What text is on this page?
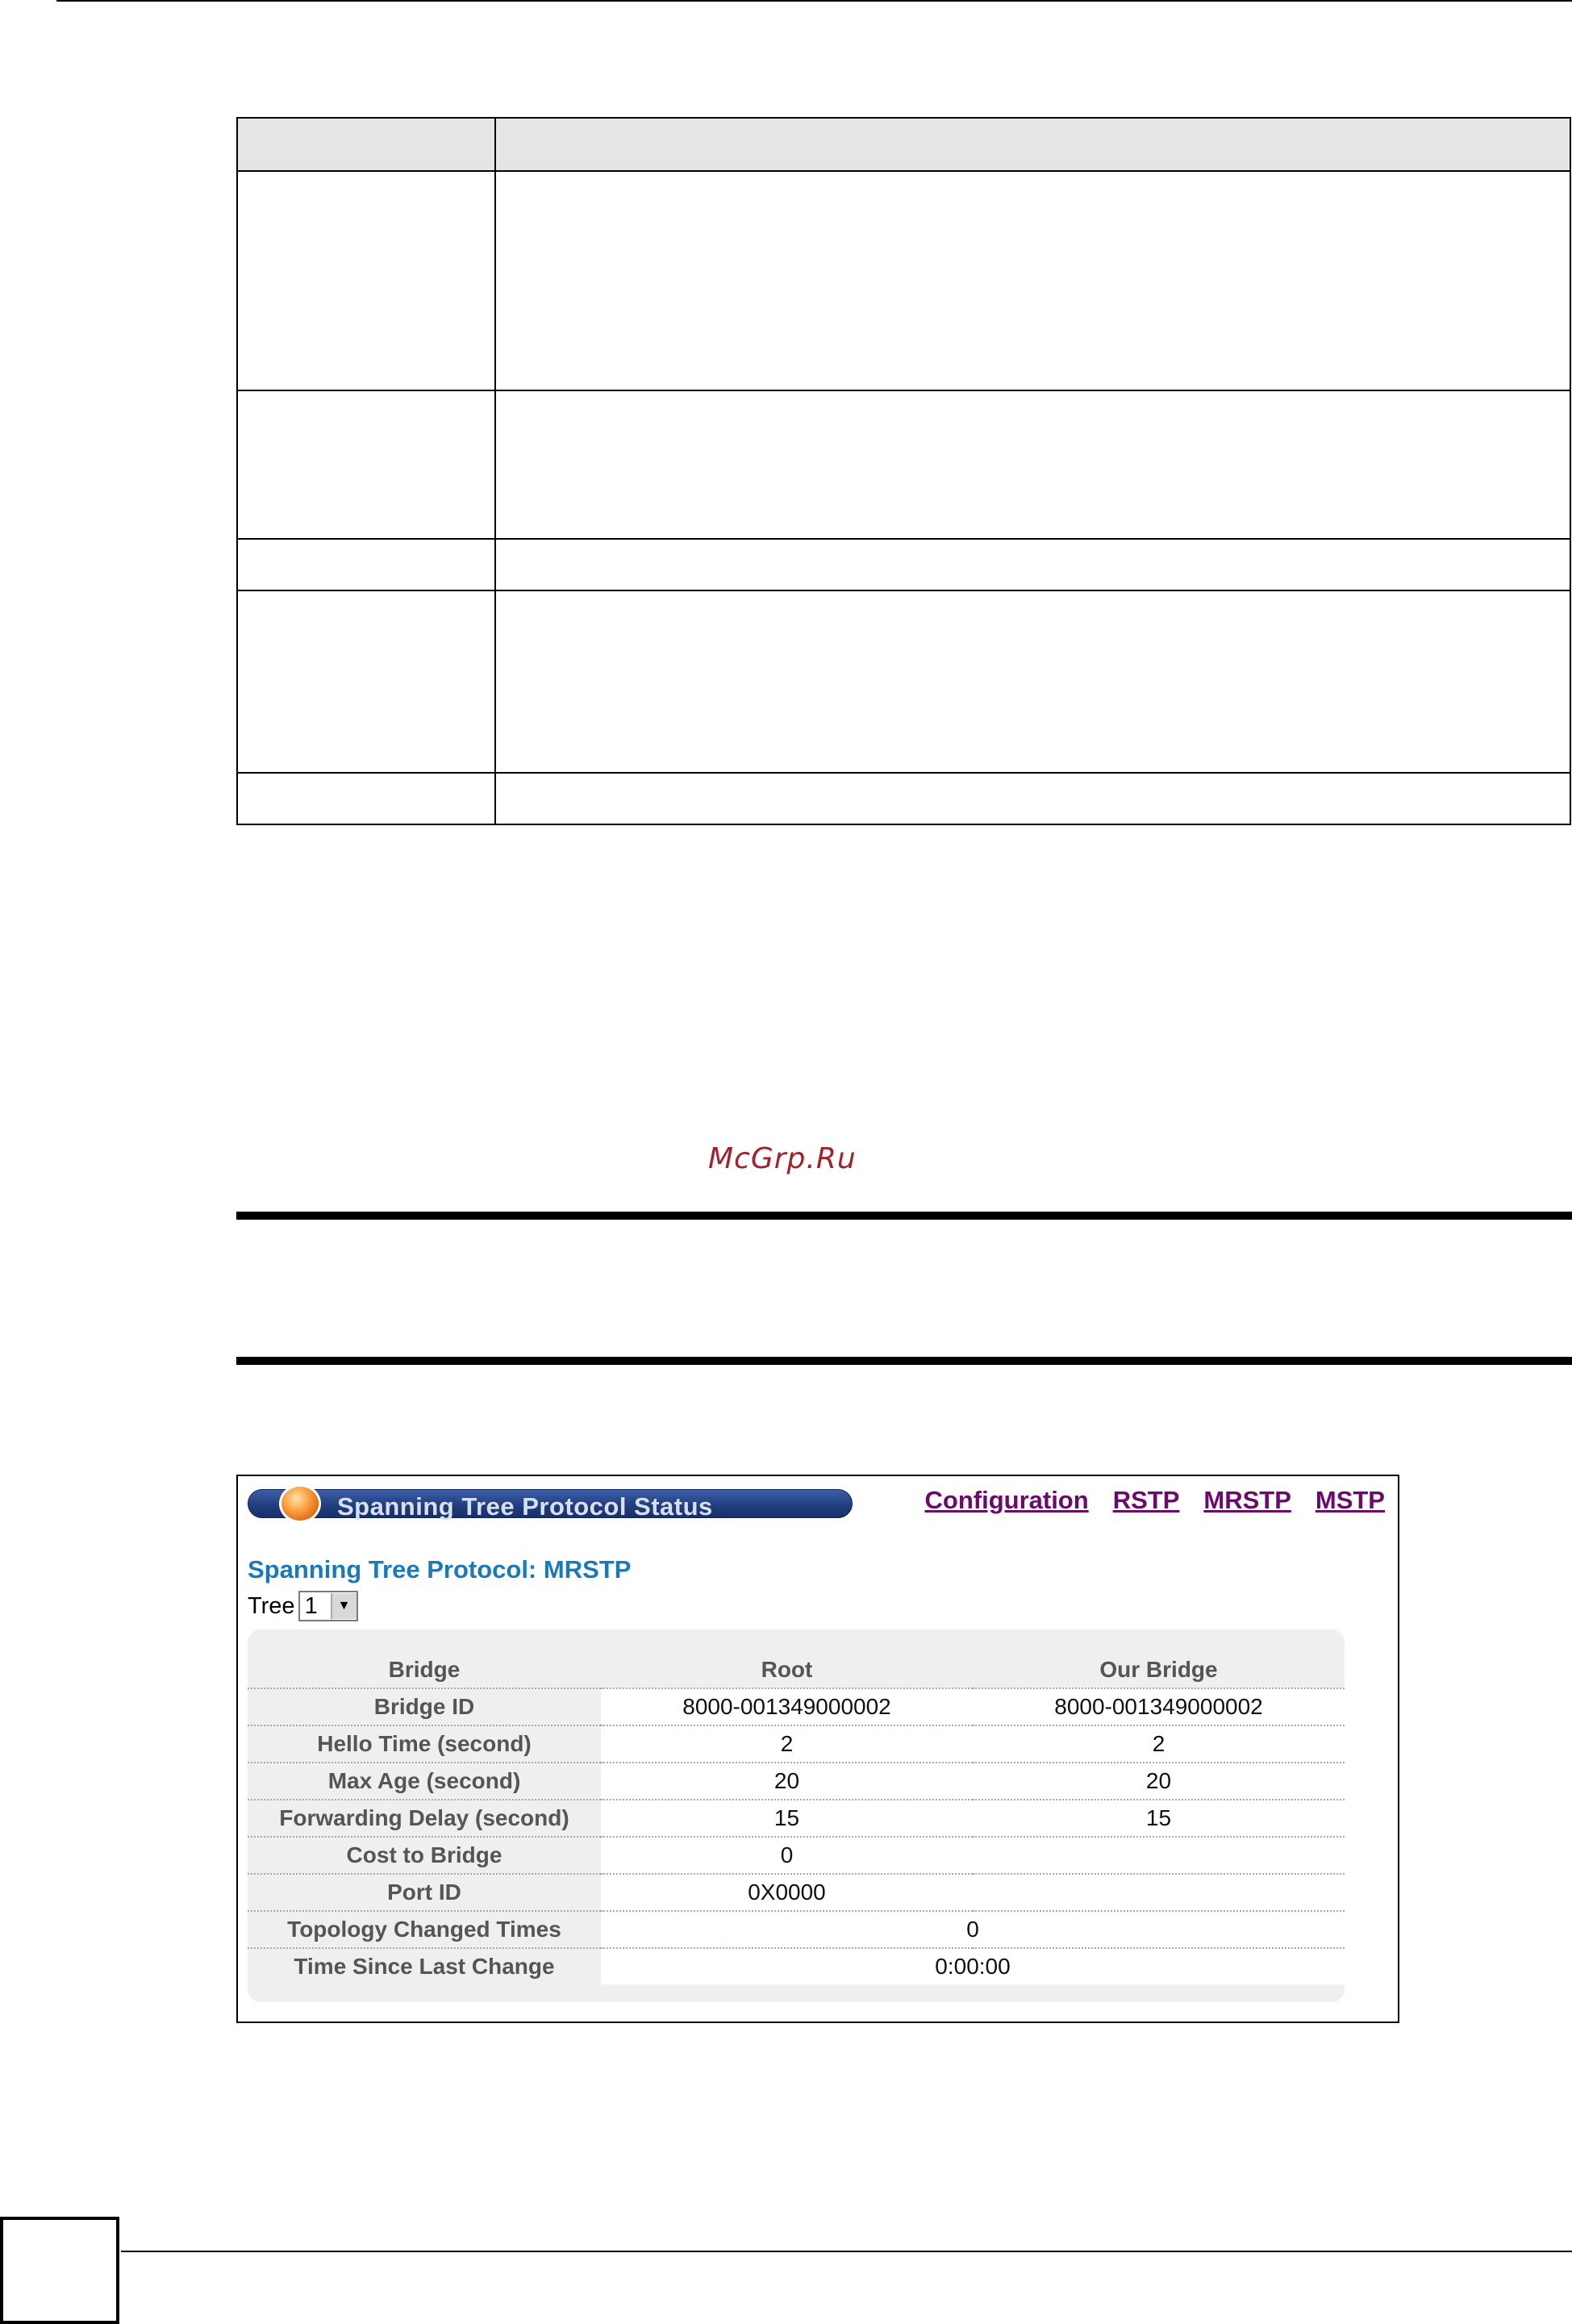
McGrp.Ru
Spanning Tree Protocol Status	Configuration RSTP MRSTP MSTP
Spanning Tree Protocol: MRSTP
Tree 1	▼
Bridge	Root	Our Bridge
Bridge ID	8000-001349000002	8000-001349000002
Hello Time (second)	2	2
Max Age (second)	20	20
Forwarding Delay (second)	15	15
Cost to Bridge	0	
Port ID	0X0000	
Topology Changed Times	0	
Time Since Last Change	0:00:00	
